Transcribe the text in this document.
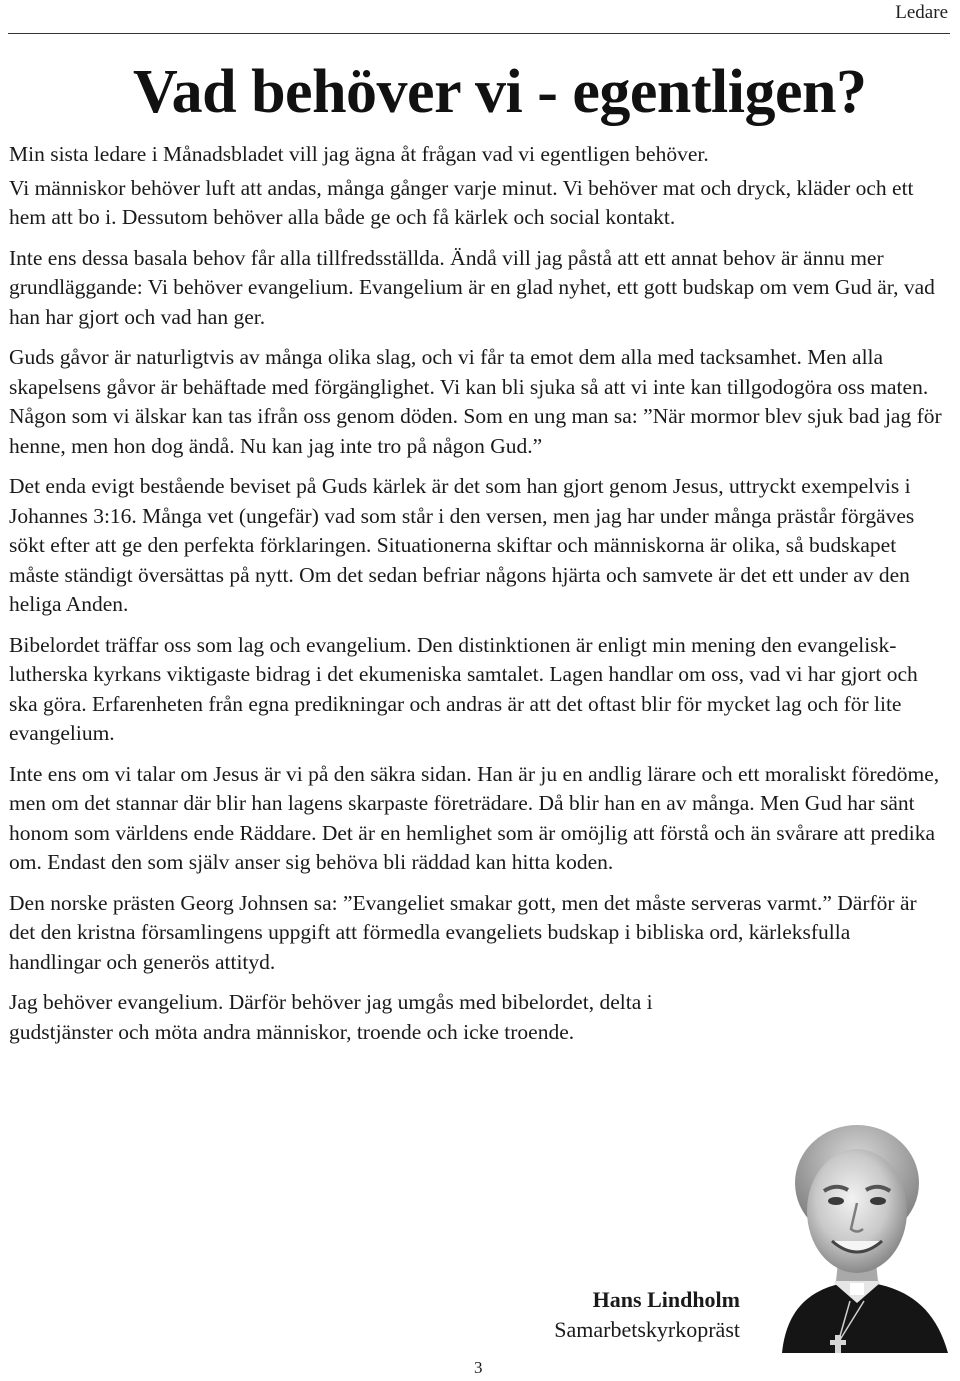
Ledare
Vad behöver vi - egentligen?

Min sista ledare i Månadsbladet vill jag ägna åt frågan vad vi egentligen behöver.

Vi människor behöver luft att andas, många gånger varje minut. Vi behöver mat och dryck, kläder och ett hem att bo i. Dessutom behöver alla både ge och få kärlek och social kontakt.

Inte ens dessa basala behov får alla tillfredsställda. Ändå vill jag påstå att ett annat behov är ännu mer grundläggande: Vi behöver evangelium. Evangelium är en glad nyhet, ett gott budskap om vem Gud är, vad han har gjort och vad han ger.

Guds gåvor är naturligtvis av många olika slag, och vi får ta emot dem alla med tacksamhet. Men alla skapelsens gåvor är behäftade med förgänglighet. Vi kan bli sjuka så att vi inte kan tillgodogöra oss maten. Någon som vi älskar kan tas ifrån oss genom döden. Som en ung man sa: ”När mormor blev sjuk bad jag för henne, men hon dog ändå. Nu kan jag inte tro på någon Gud.”

Det enda evigt bestående beviset på Guds kärlek är det som han gjort genom Jesus, uttryckt exempelvis i Johannes 3:16. Många vet (ungefär) vad som står i den versen, men jag har under många prästår förgäves sökt efter att ge den perfekta förklaringen. Situationerna skiftar och människorna är olika, så budskapet måste ständigt översättas på nytt. Om det sedan befriar någons hjärta och samvete är det ett under av den heliga Anden.

Bibelordet träffar oss som lag och evangelium. Den distinktionen är enligt min mening den evangelisk-lutherska kyrkans viktigaste bidrag i det ekumeniska samtalet. Lagen handlar om oss, vad vi har gjort och ska göra. Erfarenheten från egna predikningar och andras är att det oftast blir för mycket lag och för lite evangelium.

Inte ens om vi talar om Jesus är vi på den säkra sidan. Han är ju en andlig lärare och ett moraliskt föredöme, men om det stannar där blir han lagens skarpaste företrädare. Då blir han en av många. Men Gud har sänt honom som världens ende Räddare. Det är en hemlighet som är omöjlig att förstå och än svårare att predika om. Endast den som själv anser sig behöva bli räddad kan hitta koden.

Den norske prästen Georg Johnsen sa: ”Evangeliet smakar gott, men det måste serveras varmt.” Därför är det den kristna församlingens uppgift att förmedla evangeliets budskap i bibliska ord, kärleksfulla handlingar och generös attityd.

Jag behöver evangelium. Därför behöver jag umgås med bibelordet, delta i gudstjänster och möta andra människor, troende och icke troende.

Hans Lindholm
Samarbetskyrkopräst
3
